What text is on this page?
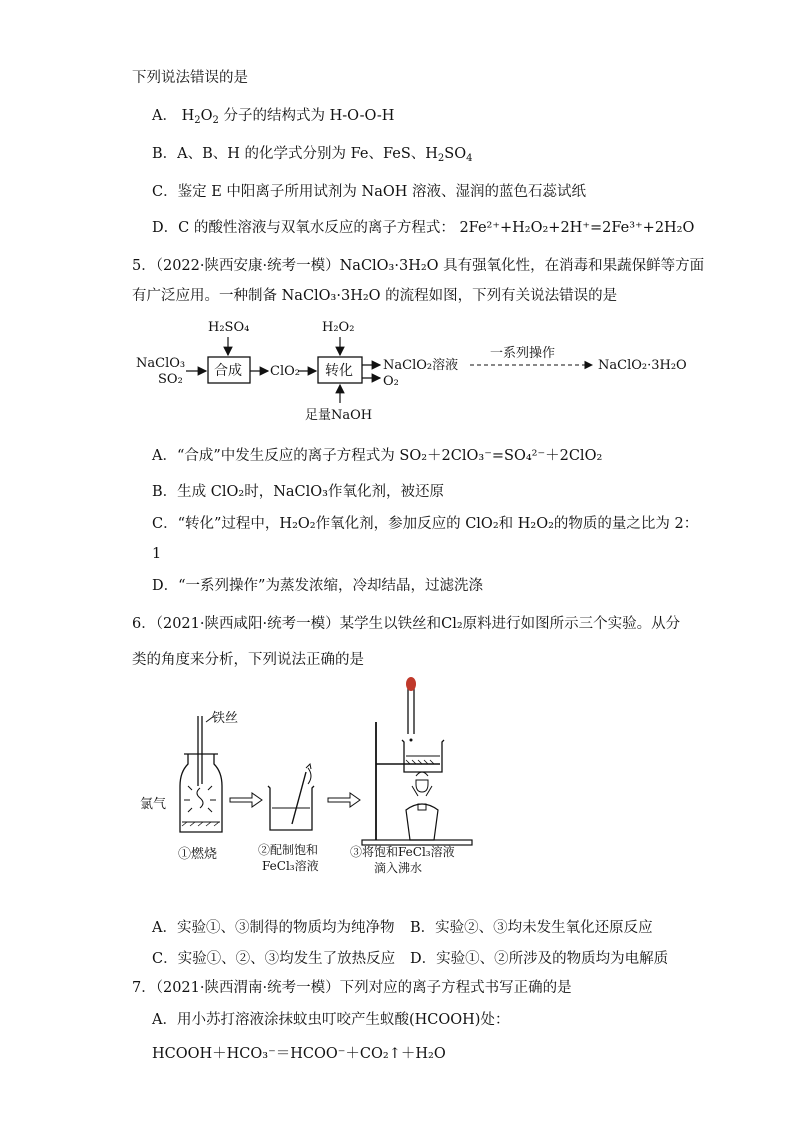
下列说法错误的是
A． $H_2O_2$ 分子的结构式为 H-O-O-H
B．A、B、H 的化学式分别为 Fe、FeS、$H_2SO_4$
C．鉴定 E 中阳离子所用试剂为 NaOH 溶液、湿润的蓝色石蕊试纸
D．C 的酸性溶液与双氧水反应的离子方程式： 2Fe²⁺+H₂O₂+2H⁺=2Fe³⁺+2H₂O
5．（2022·陕西安康·统考一模）NaClO₃·3H₂O 具有强氧化性，在消毒和果蔬保鲜等方面
有广泛应用。一种制备 NaClO₃·3H₂O 的流程如图，下列有关说法错误的是
NaClO₃
SO₂
H₂SO₄
合成 ClO₂
H₂O₂
转化
足量NaOH
NaClO₂溶液
O₂
一系列操作
NaClO₂·3H₂O
A．“合成”中发生反应的离子方程式为 SO₂＋2ClO₃⁻=SO₄²⁻＋2ClO₂
B．生成 ClO₂时，NaClO₃作氧化剂，被还原
C．“转化”过程中，H₂O₂作氧化剂，参加反应的 ClO₂和 H₂O₂的物质的量之比为 2：
1
D．“一系列操作”为蒸发浓缩，冷却结晶，过滤洗涤
6．（2021·陕西咸阳·统考一模）某学生以铁丝和Cl₂原料进行如图所示三个实验。从分
类的角度来分析，下列说法正确的是
铁丝
氯气
①燃烧	②配制饱和
FeCl₃溶液
③将饱和FeCl₃溶液
滴入沸水
A．实验①、③制得的物质均为纯净物 B．实验②、③均未发生氧化还原反应
C．实验①、②、③均发生了放热反应 D．实验①、②所涉及的物质均为电解质
7．（2021·陕西渭南·统考一模）下列对应的离子方程式书写正确的是
A．用小苏打溶液涂抹蚊虫叮咬产生蚁酸(HCOOH)处：
HCOOH＋HCO₃⁻＝HCOO⁻＋CO₂↑＋H₂O
